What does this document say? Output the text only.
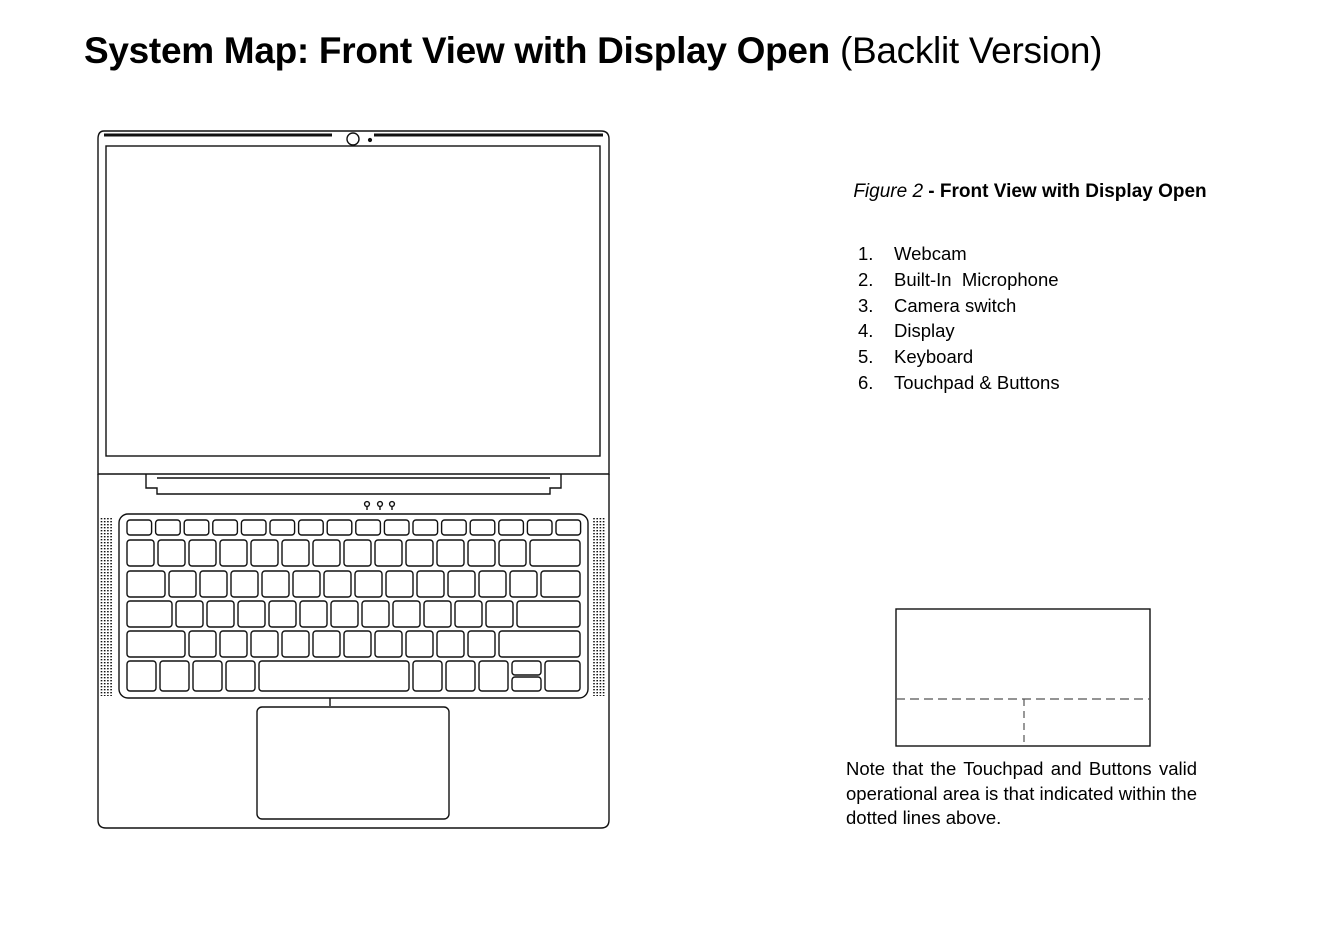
System Map: Front View with Display Open (Backlit Version)
Figure 2 - Front View with Display Open
1. Webcam
2. Built-In  Microphone
3. Camera switch
4. Display
5. Keyboard
6. Touchpad & Buttons
Note that the Touchpad and Buttons valid operational area is that indicated within the dotted lines above.
